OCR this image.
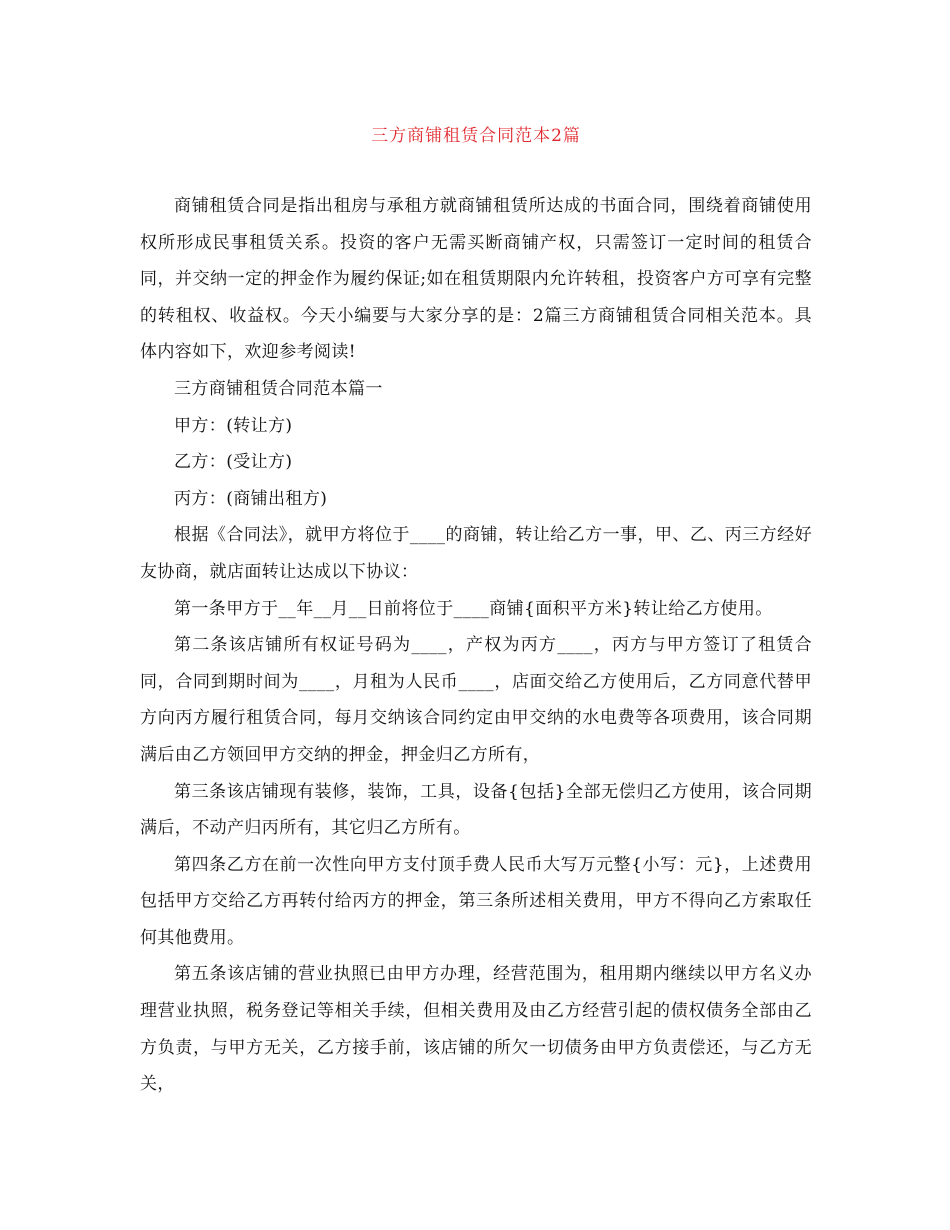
三方商铺租赁合同范本2篇

商铺租赁合同是指出租房与承租方就商铺租赁所达成的书面合同，围绕着商铺使用权所形成民事租赁关系。投资的客户无需买断商铺产权，只需签订一定时间的租赁合同，并交纳一定的押金作为履约保证;如在租赁期限内允许转租，投资客户方可享有完整的转租权、收益权。今天小编要与大家分享的是：2篇三方商铺租赁合同相关范本。具体内容如下，欢迎参考阅读!

三方商铺租赁合同范本篇一

甲方：(转让方)

乙方：(受让方)

丙方：(商铺出租方)

根据《合同法》，就甲方将位于____的商铺，转让给乙方一事，甲、乙、丙三方经好友协商，就店面转让达成以下协议：

第一条甲方于__年__月__日前将位于____商铺{面积平方米}转让给乙方使用。

第二条该店铺所有权证号码为____，产权为丙方____，丙方与甲方签订了租赁合同，合同到期时间为____，月租为人民币____，店面交给乙方使用后，乙方同意代替甲方向丙方履行租赁合同，每月交纳该合同约定由甲交纳的水电费等各项费用，该合同期满后由乙方领回甲方交纳的押金，押金归乙方所有，

第三条该店铺现有装修，装饰，工具，设备{包括}全部无偿归乙方使用，该合同期满后，不动产归丙所有，其它归乙方所有。

第四条乙方在前一次性向甲方支付顶手费人民币大写万元整{小写：元}，上述费用包括甲方交给乙方再转付给丙方的押金，第三条所述相关费用，甲方不得向乙方索取任何其他费用。

第五条该店铺的营业执照已由甲方办理，经营范围为，租用期内继续以甲方名义办理营业执照，税务登记等相关手续，但相关费用及由乙方经营引起的债权债务全部由乙方负责，与甲方无关，乙方接手前，该店铺的所欠一切债务由甲方负责偿还，与乙方无关，
